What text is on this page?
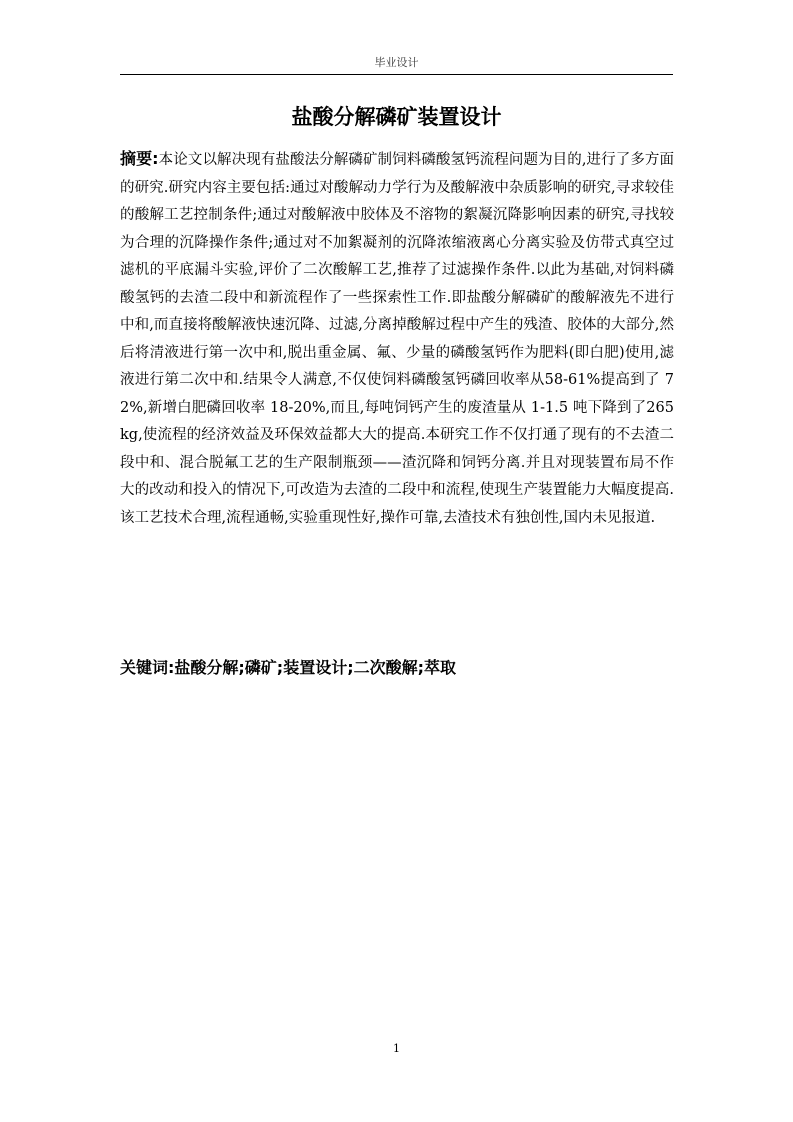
毕业设计
盐酸分解磷矿装置设计

摘要:本论文以解决现有盐酸法分解磷矿制饲料磷酸氢钙流程问题为目的,进行了多方面的研究.研究内容主要包括:通过对酸解动力学行为及酸解液中杂质影响的研究,寻求较佳的酸解工艺控制条件;通过对酸解液中胶体及不溶物的絮凝沉降影响因素的研究,寻找较为合理的沉降操作条件;通过对不加絮凝剂的沉降浓缩液离心分离实验及仿带式真空过滤机的平底漏斗实验,评价了二次酸解工艺,推荐了过滤操作条件.以此为基础,对饲料磷酸氢钙的去渣二段中和新流程作了一些探索性工作.即盐酸分解磷矿的酸解液先不进行中和,而直接将酸解液快速沉降、过滤,分离掉酸解过程中产生的残渣、胶体的大部分,然后将清液进行第一次中和,脱出重金属、氟、少量的磷酸氢钙作为肥料(即白肥)使用,滤液进行第二次中和.结果令人满意,不仅使饲料磷酸氢钙磷回收率从58-61%提高到了 72%,新增白肥磷回收率 18-20%,而且,每吨饲钙产生的废渣量从 1-1.5 吨下降到了265kg,使流程的经济效益及环保效益都大大的提高.本研究工作不仅打通了现有的不去渣二段中和、混合脱氟工艺的生产限制瓶颈——渣沉降和饲钙分离.并且对现装置布局不作大的改动和投入的情况下,可改造为去渣的二段中和流程,使现生产装置能力大幅度提高.该工艺技术合理,流程通畅,实验重现性好,操作可靠,去渣技术有独创性,国内未见报道.

关键词:盐酸分解;磷矿;装置设计;二次酸解;萃取

1
